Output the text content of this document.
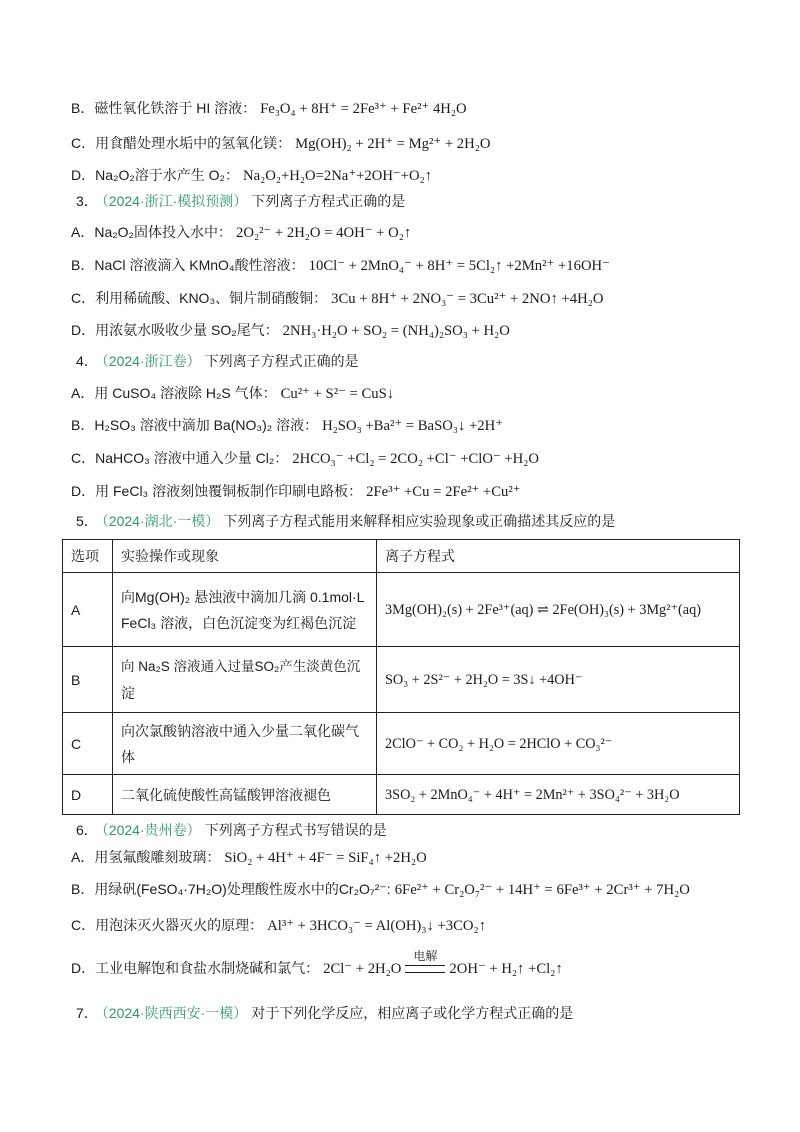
B．磁性氧化铁溶于 HI 溶液： Fe₃O₄ + 8H⁺ = 2Fe³⁺ + Fe²⁺ 4H₂O
C．用食醋处理水垢中的氢氧化镁： Mg(OH)₂ + 2H⁺ = Mg²⁺ + 2H₂O
D．Na₂O₂溶于水产生 O₂： Na₂O₂+H₂O=2Na⁺+2OH⁻+O₂↑
3． （2024·浙江·模拟预测） 下列离子方程式正确的是
A．Na₂O₂固体投入水中： 2O₂²⁻ + 2H₂O = 4OH⁻ + O₂↑
B．NaCl 溶液滴入 KMnO₄酸性溶液： 10Cl⁻ + 2MnO₄⁻ + 8H⁺ = 5Cl₂↑ +2Mn²⁺ +16OH⁻
C．利用稀硫酸、KNO₃、铜片制硝酸铜： 3Cu + 8H⁺ + 2NO₃⁻ = 3Cu²⁺ + 2NO↑ +4H₂O
D．用浓氨水吸收少量 SO₂尾气： 2NH₃·H₂O + SO₂ = (NH₄)₂SO₃ + H₂O
4． （2024·浙江卷） 下列离子方程式正确的是
A．用 CuSO₄ 溶液除 H₂S 气体： Cu²⁺ + S²⁻ = CuS↓
B．H₂SO₃ 溶液中滴加 Ba(NO₃)₂ 溶液： H₂SO₃ +Ba²⁺ = BaSO₃↓ +2H⁺
C．NaHCO₃ 溶液中通入少量 Cl₂： 2HCO₃⁻ +Cl₂ = 2CO₂ +Cl⁻ +ClO⁻ +H₂O
D．用 FeCl₃ 溶液刻蚀覆铜板制作印刷电路板： 2Fe³⁺ +Cu = 2Fe²⁺ +Cu²⁺
5． （2024·湖北·一模） 下列离子方程式能用来解释相应实验现象或正确描述其反应的是
选项	实验操作或现象	离子方程式
A	向Mg(OH)₂ 悬浊液中滴加几滴 0.1mol·L
FeCl₃ 溶液，白色沉淀变为红褐色沉淀	3Mg(OH)₂(s) + 2Fe³⁺(aq) ⇌ 2Fe(OH)₃(s) + 3Mg²⁺(aq)
B	向 Na₂S 溶液通入过量SO₂产生淡黄色沉
淀	SO₃ + 2S²⁻ + 2H₂O = 3S↓ +4OH⁻
C	向次氯酸钠溶液中通入少量二氧化碳气
体	2ClO⁻ + CO₂ + H₂O = 2HClO + CO₃²⁻
D	二氧化硫使酸性高锰酸钾溶液褪色	3SO₂ + 2MnO₄⁻ + 4H⁺ = 2Mn²⁺ + 3SO₄²⁻ + 3H₂O
6． （2024·贵州卷） 下列离子方程式书写错误的是
A．用氢氟酸雕刻玻璃： SiO₂ + 4H⁺ + 4F⁻ = SiF₄↑ +2H₂O
B．用绿矾(FeSO₄·7H₂O)处理酸性废水中的Cr₂O₇²⁻: 6Fe²⁺ + Cr₂O₇²⁻ + 14H⁺ = 6Fe³⁺ + 2Cr³⁺ + 7H₂O
C．用泡沫灭火器灭火的原理： Al³⁺ + 3HCO₃⁻ = Al(OH)₃↓ +3CO₂↑
D．工业电解饱和食盐水制烧碱和氯气： 2Cl⁻ + 2H₂O
电解
2OH⁻ + H₂↑ +Cl₂↑
7． （2024·陕西西安·一模） 对于下列化学反应，相应离子或化学方程式正确的是
